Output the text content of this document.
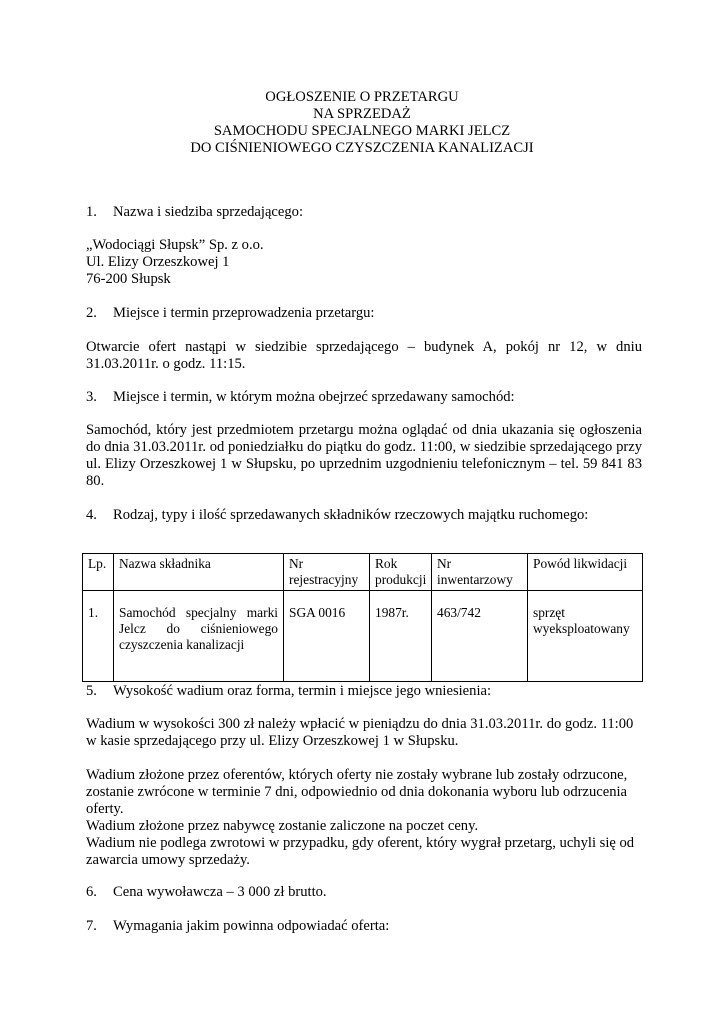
OGŁOSZENIE O PRZETARGU
NA SPRZEDAŻ
SAMOCHODU SPECJALNEGO MARKI JELCZ
DO CIŚNIENIOWEGO CZYSZCZENIA KANALIZACJI
1. Nazwa i siedziba sprzedającego:
„Wodociągi Słupsk” Sp. z o.o.
Ul. Elizy Orzeszkowej 1
76-200 Słupsk
2. Miejsce i termin przeprowadzenia przetargu:
Otwarcie ofert nastąpi w siedzibie sprzedającego – budynek A, pokój nr 12, w dniu 31.03.2011r. o godz. 11:15.
3. Miejsce i termin, w którym można obejrzeć sprzedawany samochód:
Samochód, który jest przedmiotem przetargu można oglądać od dnia ukazania się ogłoszenia do dnia 31.03.2011r. od poniedziałku do piątku do godz. 11:00, w siedzibie sprzedającego przy ul. Elizy Orzeszkowej 1 w Słupsku, po uprzednim uzgodnieniu telefonicznym – tel. 59 841 83 80.
4. Rodzaj, typy i ilość sprzedawanych składników rzeczowych majątku ruchomego:
Lp.	Nazwa składnika	Nr rejestracyjny	Rok produkcji	Nr inwentarzowy	Powód likwidacji
1.	Samochód specjalny marki Jelcz do ciśnieniowego czyszczenia kanalizacji	SGA 0016	1987r.	463/742	sprzęt wyeksploatowany
5. Wysokość wadium oraz forma, termin i miejsce jego wniesienia:
Wadium w wysokości 300 zł należy wpłacić w pieniądzu do dnia 31.03.2011r. do godz. 11:00
w kasie sprzedającego przy ul. Elizy Orzeszkowej 1 w Słupsku.
Wadium złożone przez oferentów, których oferty nie zostały wybrane lub zostały odrzucone,
zostanie zwrócone w terminie 7 dni, odpowiednio od dnia dokonania wyboru lub odrzucenia
oferty.
Wadium złożone przez nabywcę zostanie zaliczone na poczet ceny.
Wadium nie podlega zwrotowi w przypadku, gdy oferent, który wygrał przetarg, uchyli się od
zawarcia umowy sprzedaży.
6. Cena wywoławcza – 3 000 zł brutto.
7. Wymagania jakim powinna odpowiadać oferta:
